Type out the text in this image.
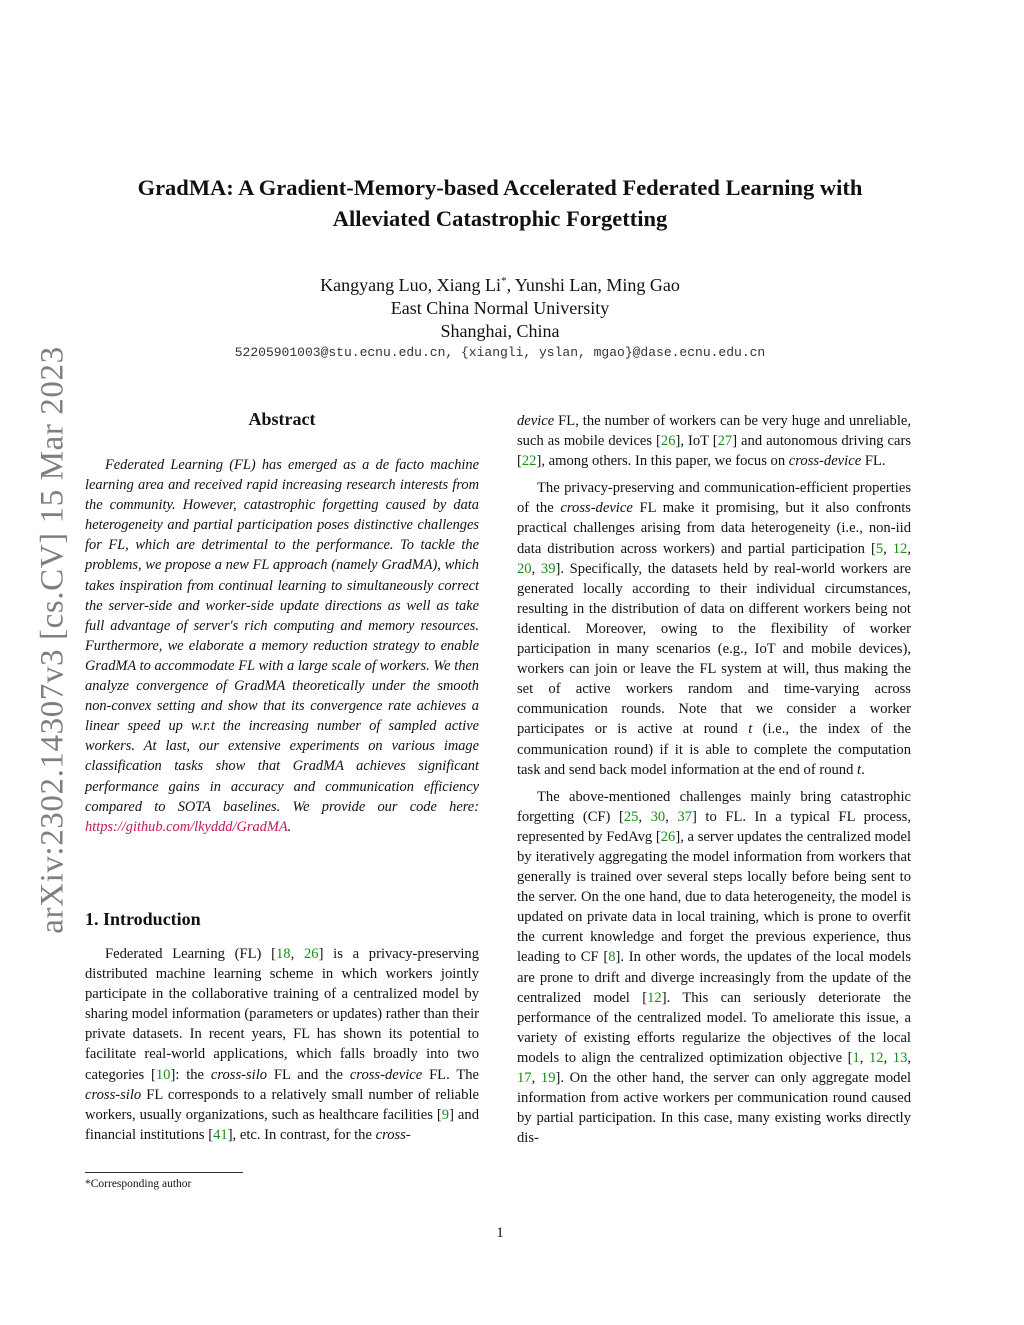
arXiv:2302.14307v3 [cs.CV] 15 Mar 2023
GradMA: A Gradient-Memory-based Accelerated Federated Learning with
Alleviated Catastrophic Forgetting
Kangyang Luo, Xiang Li*, Yunshi Lan, Ming Gao
East China Normal University
Shanghai, China
52205901003@stu.ecnu.edu.cn, {xiangli, yslan, mgao}@dase.ecnu.edu.cn
Abstract

Federated Learning (FL) has emerged as a de facto machine learning area and received rapid increasing research interests from the community. However, catastrophic forgetting caused by data heterogeneity and partial participation poses distinctive challenges for FL, which are detrimental to the performance. To tackle the problems, we propose a new FL approach (namely GradMA), which takes inspiration from continual learning to simultaneously correct the server-side and worker-side update directions as well as take full advantage of server's rich computing and memory resources. Furthermore, we elaborate a memory reduction strategy to enable GradMA to accommodate FL with a large scale of workers. We then analyze convergence of GradMA theoretically under the smooth non-convex setting and show that its convergence rate achieves a linear speed up w.r.t the increasing number of sampled active workers. At last, our extensive experiments on various image classification tasks show that GradMA achieves significant performance gains in accuracy and communication efficiency compared to SOTA baselines. We provide our code here: https://github.com/lkyddd/GradMA.

1. Introduction

Federated Learning (FL) [18, 26] is a privacy-preserving distributed machine learning scheme in which workers jointly participate in the collaborative training of a centralized model by sharing model information (parameters or updates) rather than their private datasets. In recent years, FL has shown its potential to facilitate real-world applications, which falls broadly into two categories [10]: the cross-silo FL and the cross-device FL. The cross-silo FL corresponds to a relatively small number of reliable workers, usually organizations, such as healthcare facilities [9] and financial institutions [41], etc. In contrast, for the cross-

*Corresponding author

device FL, the number of workers can be very huge and unreliable, such as mobile devices [26], IoT [27] and autonomous driving cars [22], among others. In this paper, we focus on cross-device FL.

The privacy-preserving and communication-efficient properties of the cross-device FL make it promising, but it also confronts practical challenges arising from data heterogeneity (i.e., non-iid data distribution across workers) and partial participation [5, 12, 20, 39]. Specifically, the datasets held by real-world workers are generated locally according to their individual circumstances, resulting in the distribution of data on different workers being not identical. Moreover, owing to the flexibility of worker participation in many scenarios (e.g., IoT and mobile devices), workers can join or leave the FL system at will, thus making the set of active workers random and time-varying across communication rounds. Note that we consider a worker participates or is active at round t (i.e., the index of the communication round) if it is able to complete the computation task and send back model information at the end of round t.

The above-mentioned challenges mainly bring catastrophic forgetting (CF) [25, 30, 37] to FL. In a typical FL process, represented by FedAvg [26], a server updates the centralized model by iteratively aggregating the model information from workers that generally is trained over several steps locally before being sent to the server. On the one hand, due to data heterogeneity, the model is updated on private data in local training, which is prone to overfit the current knowledge and forget the previous experience, thus leading to CF [8]. In other words, the updates of the local models are prone to drift and diverge increasingly from the update of the centralized model [12]. This can seriously deteriorate the performance of the centralized model. To ameliorate this issue, a variety of existing efforts regularize the objectives of the local models to align the centralized optimization objective [1, 12, 13, 17, 19]. On the other hand, the server can only aggregate model information from active workers per communication round caused by partial participation. In this case, many existing works directly dis-

1
